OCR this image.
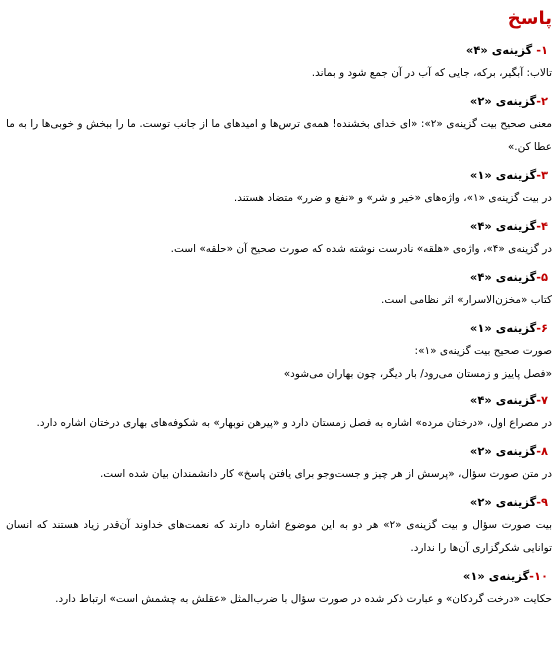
پاسخ
۱- گزینه‌ی «۴»
تالاب: آبگیر، برکه، جایی که آب در آن جمع شود و بماند.
۲-گزینه‌ی «۲»
معنی صحیح بیت گزینه‌ی «۲»: «ای خدای بخشنده! همه‌ی ترس‌ها و امیدهای ما از جانب توست. ما را ببخش و خوبی‌ها را به ما عطا کن.»
۳-گزینه‌ی «۱»
در بیت گزینه‌ی «۱»، واژه‌های «خیر و شر» و «نفع و ضرر» متضاد هستند.
۴-گزینه‌ی «۴»
در گزینه‌ی «۴»، واژه‌ی «هلقه» نادرست نوشته شده که صورت صحیح آن «حلقه» است.
۵-گزینه‌ی «۴»
کتاب «مخزن‌الاسرار» اثر نظامی است.
۶-گزینه‌ی «۱»
صورت صحیح بیت گزینه‌ی «۱»:
«فصل پاییز و زمستان می‌رود/ بار دیگر، چون بهاران می‌شود»
۷-گزینه‌ی «۴»
در مصراع اول، «درختان مرده» اشاره به فصل زمستان دارد و «پیرهن نوبهار» به شکوفه‌های بهاری درختان اشاره دارد.
۸-گزینه‌ی «۲»
در متن صورت سؤال، «پرسش از هر چیز و جست‌وجو برای یافتن پاسخ» کار دانشمندان بیان شده است.
۹-گزینه‌ی «۲»
بیت صورت سؤال و بیت گزینه‌ی «۲» هر دو به این موضوع اشاره دارند که نعمت‌های خداوند آن‌قدر زیاد هستند که انسان توانایی شکرگزاری آن‌ها را ندارد.
۱۰-گزینه‌ی «۱»
حکایت «درخت گردکان» و عبارت ذکر شده در صورت سؤال با ضرب‌المثل «عقلش به چشمش است» ارتباط دارد.
